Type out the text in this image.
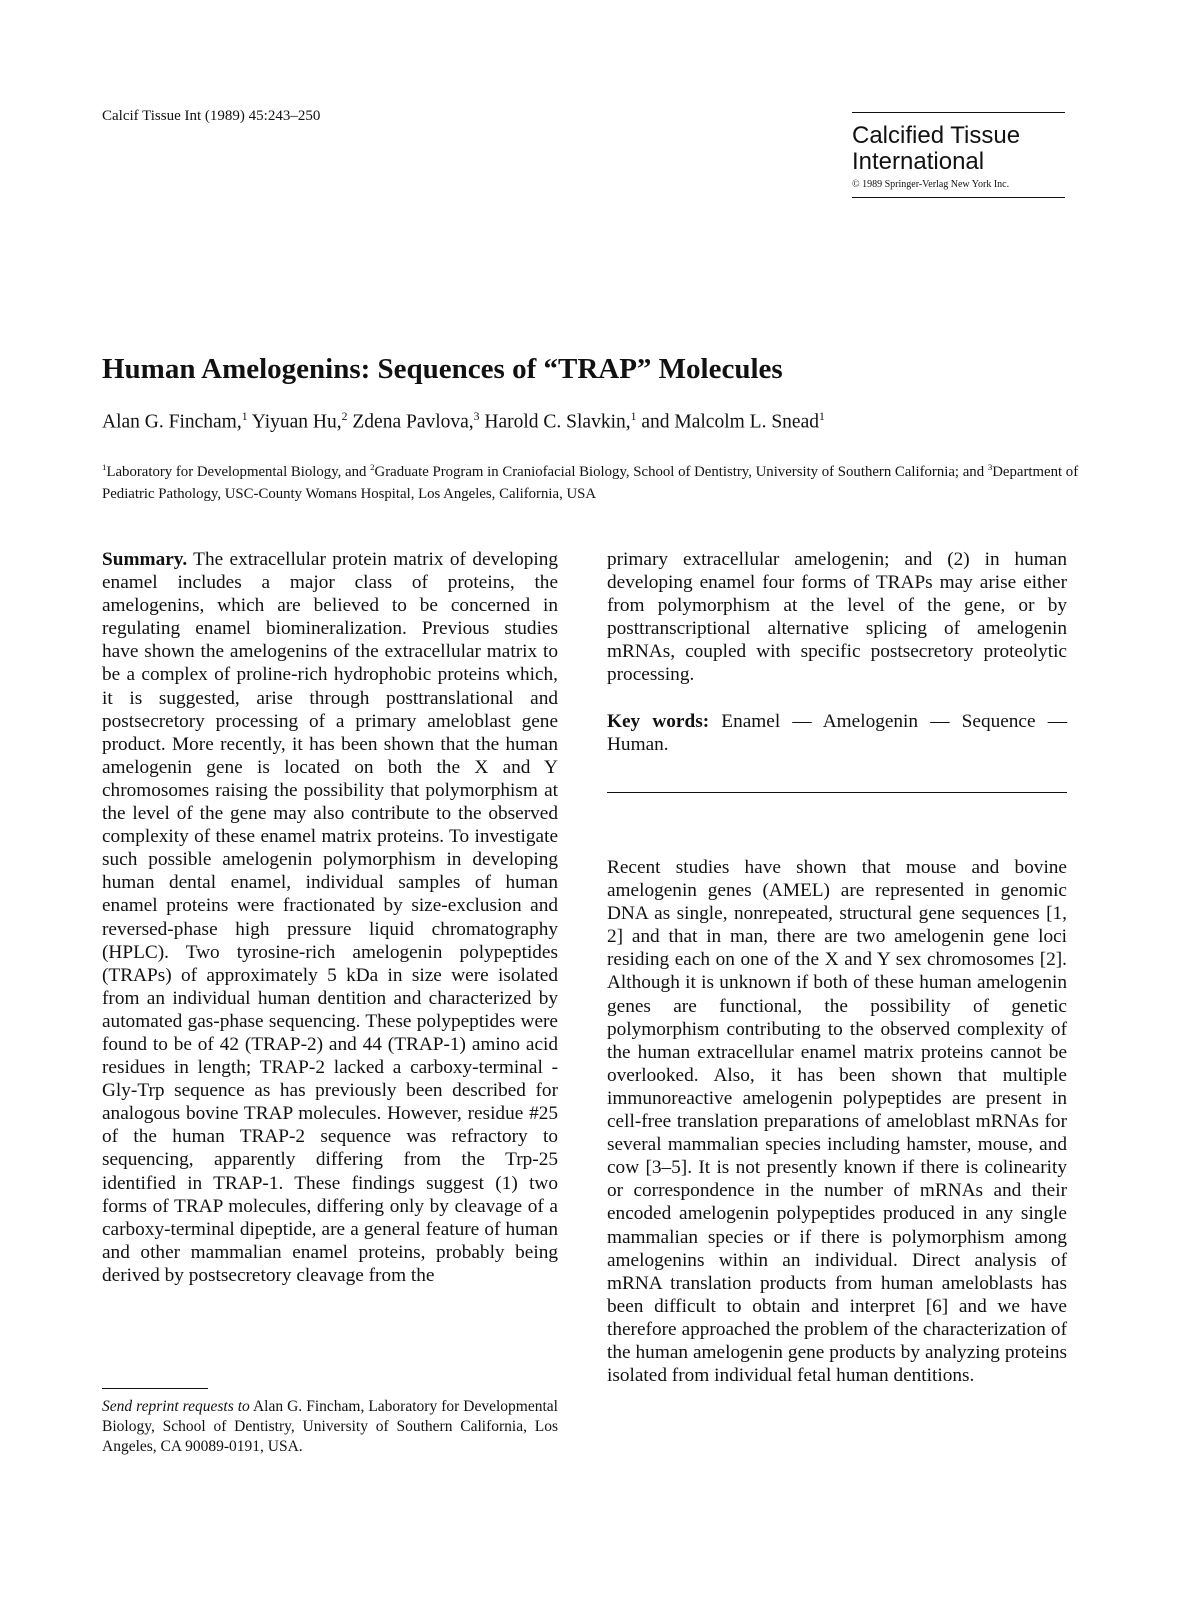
Calcif Tissue Int (1989) 45:243–250
Calcified Tissue
International
© 1989 Springer-Verlag New York Inc.
Human Amelogenins: Sequences of “TRAP” Molecules
Alan G. Fincham,$^1$ Yiyuan Hu,$^2$ Zdena Pavlova,$^3$ Harold C. Slavkin,$^1$ and Malcolm L. Snead$^1$
$^1$Laboratory for Developmental Biology, and $^2$Graduate Program in Craniofacial Biology, School of Dentistry, University of Southern California; and $^3$Department of Pediatric Pathology, USC-County Womans Hospital, Los Angeles, California, USA

Summary. The extracellular protein matrix of developing enamel includes a major class of proteins, the amelogenins, which are believed to be concerned in regulating enamel biomineralization. Previous studies have shown the amelogenins of the extracellular matrix to be a complex of proline-rich hydrophobic proteins which, it is suggested, arise through posttranslational and postsecretory processing of a primary ameloblast gene product. More recently, it has been shown that the human amelogenin gene is located on both the X and Y chromosomes raising the possibility that polymorphism at the level of the gene may also contribute to the observed complexity of these enamel matrix proteins. To investigate such possible amelogenin polymorphism in developing human dental enamel, individual samples of human enamel proteins were fractionated by size-exclusion and reversed-phase high pressure liquid chromatography (HPLC). Two tyrosine-rich amelogenin polypeptides (TRAPs) of approximately 5 kDa in size were isolated from an individual human dentition and characterized by automated gas-phase sequencing. These polypeptides were found to be of 42 (TRAP-2) and 44 (TRAP-1) amino acid residues in length; TRAP-2 lacked a carboxy-terminal -Gly-Trp sequence as has previously been described for analogous bovine TRAP molecules. However, residue #25 of the human TRAP-2 sequence was refractory to sequencing, apparently differing from the Trp-25 identified in TRAP-1. These findings suggest (1) two forms of TRAP molecules, differing only by cleavage of a carboxy-terminal dipeptide, are a general feature of human and other mammalian enamel proteins, probably being derived by postsecretory cleavage from the

primary extracellular amelogenin; and (2) in human developing enamel four forms of TRAPs may arise either from polymorphism at the level of the gene, or by posttranscriptional alternative splicing of amelogenin mRNAs, coupled with specific postsecretory proteolytic processing.

Key words: Enamel — Amelogenin — Sequence — Human.

Recent studies have shown that mouse and bovine amelogenin genes (AMEL) are represented in genomic DNA as single, nonrepeated, structural gene sequences [1, 2] and that in man, there are two amelogenin gene loci residing each on one of the X and Y sex chromosomes [2]. Although it is unknown if both of these human amelogenin genes are functional, the possibility of genetic polymorphism contributing to the observed complexity of the human extracellular enamel matrix proteins cannot be overlooked. Also, it has been shown that multiple immunoreactive amelogenin polypeptides are present in cell-free translation preparations of ameloblast mRNAs for several mammalian species including hamster, mouse, and cow [3–5]. It is not presently known if there is colinearity or correspondence in the number of mRNAs and their encoded amelogenin polypeptides produced in any single mammalian species or if there is polymorphism among amelogenins within an individual. Direct analysis of mRNA translation products from human ameloblasts has been difficult to obtain and interpret [6] and we have therefore approached the problem of the characterization of the human amelogenin gene products by analyzing proteins isolated from individual fetal human dentitions.

Send reprint requests to Alan G. Fincham, Laboratory for Developmental Biology, School of Dentistry, University of Southern California, Los Angeles, CA 90089-0191, USA.
